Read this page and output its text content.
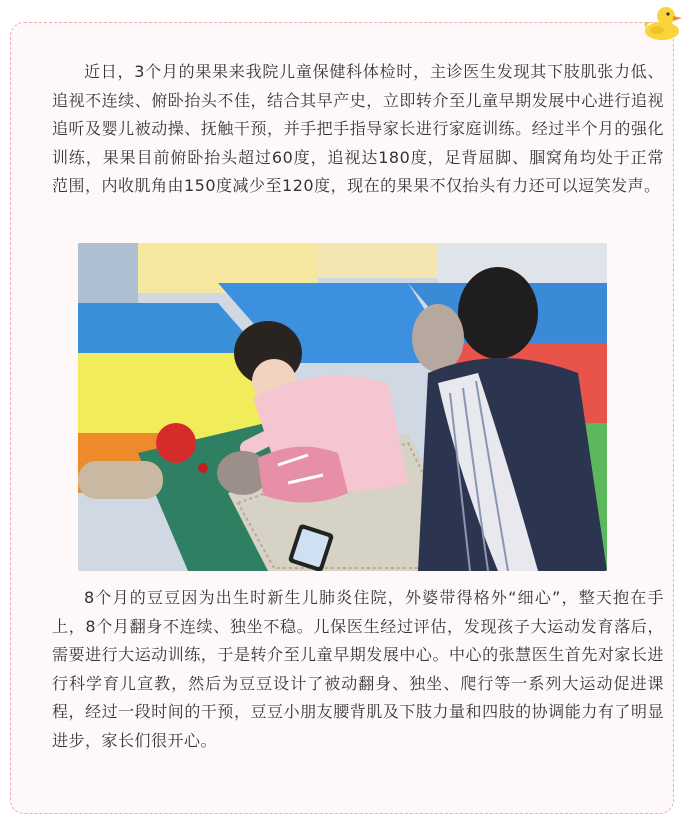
近日，3个月的果果来我院儿童保健科体检时，主诊医生发现其下肢肌张力低、追视不连续、俯卧抬头不佳，结合其早产史，立即转介至儿童早期发展中心进行追视追听及婴儿被动操、抚触干预，并手把手指导家长进行家庭训练。经过半个月的强化训练，果果目前俯卧抬头超过60度，追视达180度，足背屈脚、腘窝角均处于正常范围，内收肌角由150度减少至120度，现在的果果不仅抬头有力还可以逗笑发声。

8个月的豆豆因为出生时新生儿肺炎住院，外婆带得格外“细心”，整天抱在手上，8个月翻身不连续、独坐不稳。儿保医生经过评估，发现孩子大运动发育落后，需要进行大运动训练，于是转介至儿童早期发展中心。中心的张慧医生首先对家长进行科学育儿宣教，然后为豆豆设计了被动翻身、独坐、爬行等一系列大运动促进课程，经过一段时间的干预，豆豆小朋友腰背肌及下肢力量和四肢的协调能力有了明显进步，家长们很开心。
